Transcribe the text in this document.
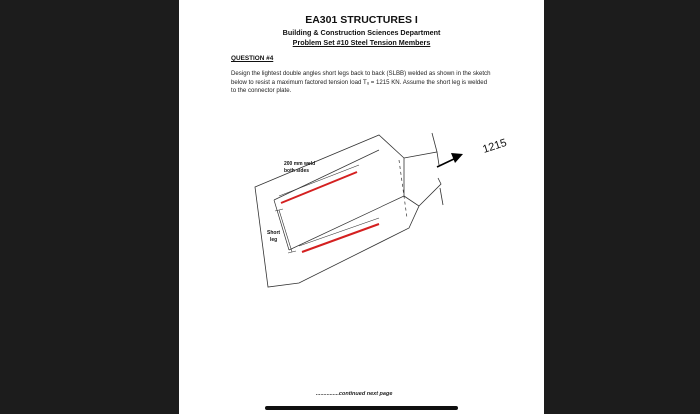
EA301 STRUCTURES I
Building & Construction Sciences Department
Problem Set #10 Steel Tension Members
QUESTION #4
Design the lightest double angles short legs back to back (SLBB) welded as shown in the sketch below to resist a maximum factored tension load Tᵤ = 1215 KN. Assume the short leg is welded to the connector plate.
200 mm weld
both sides
Short
leg
1215
...............continued next page
